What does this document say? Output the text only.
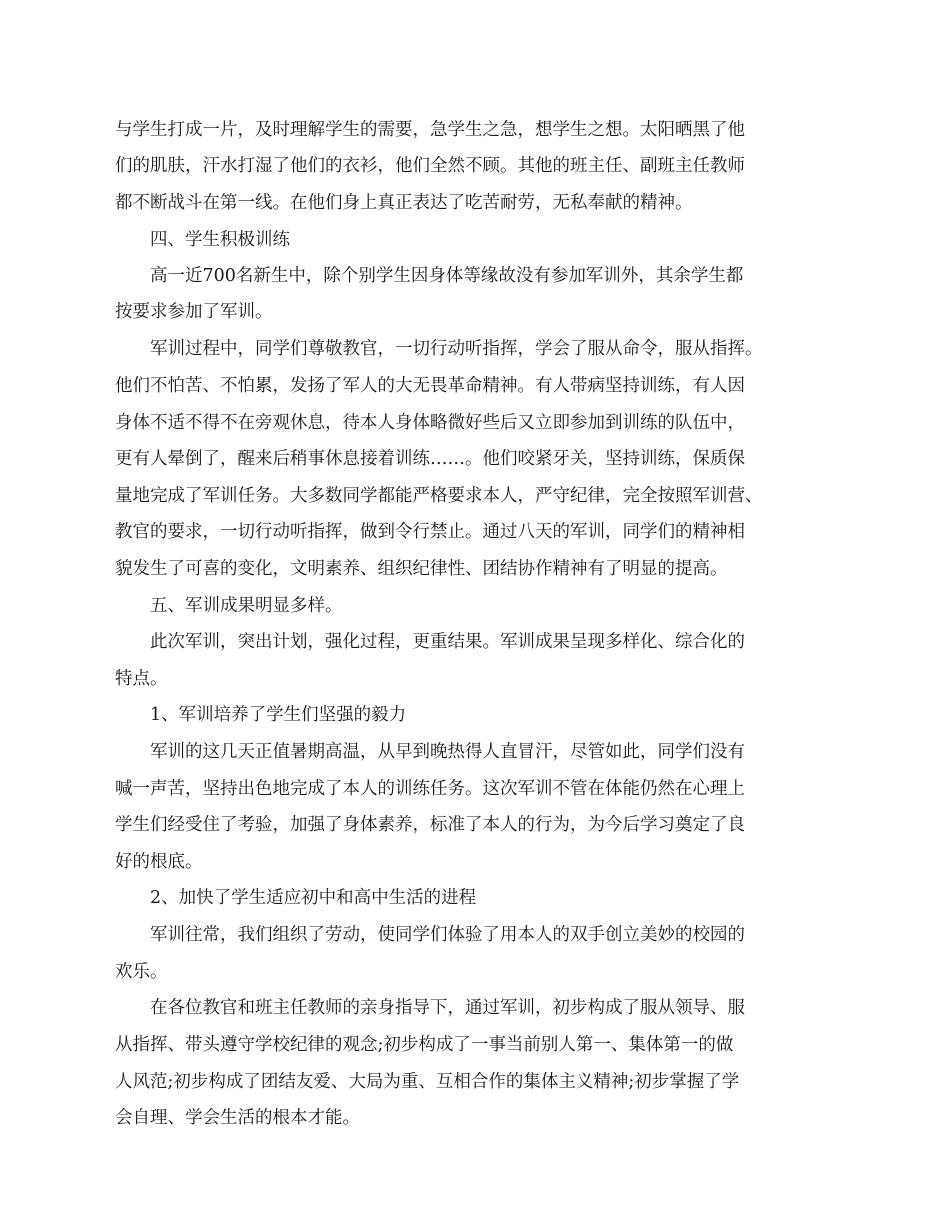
与学生打成一片，及时理解学生的需要，急学生之急，想学生之想。太阳晒黑了他
们的肌肤，汗水打湿了他们的衣衫，他们全然不顾。其他的班主任、副班主任教师
都不断战斗在第一线。在他们身上真正表达了吃苦耐劳，无私奉献的精神。
四、学生积极训练
高一近700名新生中，除个别学生因身体等缘故没有参加军训外，其余学生都
按要求参加了军训。
军训过程中，同学们尊敬教官，一切行动听指挥，学会了服从命令，服从指挥。
他们不怕苦、不怕累，发扬了军人的大无畏革命精神。有人带病坚持训练，有人因
身体不适不得不在旁观休息，待本人身体略微好些后又立即参加到训练的队伍中，
更有人晕倒了，醒来后稍事休息接着训练……。他们咬紧牙关，坚持训练，保质保
量地完成了军训任务。大多数同学都能严格要求本人，严守纪律，完全按照军训营、
教官的要求，一切行动听指挥，做到令行禁止。通过八天的军训，同学们的精神相
貌发生了可喜的变化，文明素养、组织纪律性、团结协作精神有了明显的提高。
五、军训成果明显多样。
此次军训，突出计划，强化过程，更重结果。军训成果呈现多样化、综合化的
特点。
1、军训培养了学生们坚强的毅力
军训的这几天正值暑期高温，从早到晚热得人直冒汗，尽管如此，同学们没有
喊一声苦，坚持出色地完成了本人的训练任务。这次军训不管在体能仍然在心理上
学生们经受住了考验，加强了身体素养，标准了本人的行为，为今后学习奠定了良
好的根底。
2、加快了学生适应初中和高中生活的进程
军训往常，我们组织了劳动，使同学们体验了用本人的双手创立美妙的校园的
欢乐。
在各位教官和班主任教师的亲身指导下，通过军训，初步构成了服从领导、服
从指挥、带头遵守学校纪律的观念;初步构成了一事当前别人第一、集体第一的做
人风范;初步构成了团结友爱、大局为重、互相合作的集体主义精神;初步掌握了学
会自理、学会生活的根本才能。
